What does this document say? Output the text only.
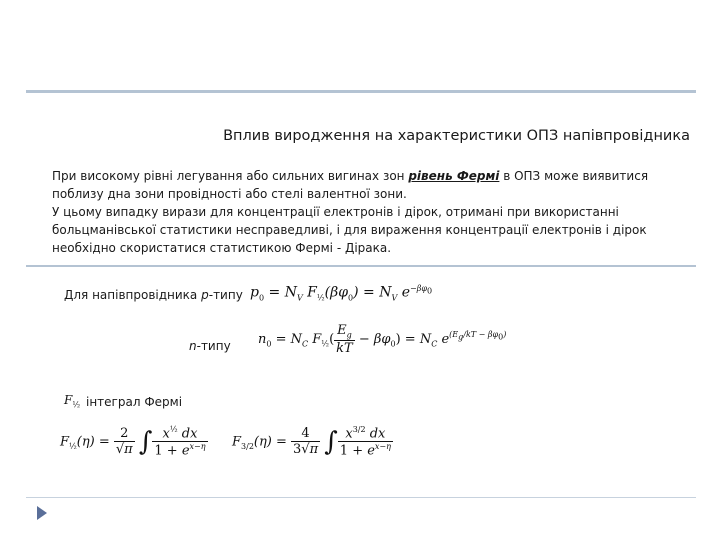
Вплив виродження на характеристики ОПЗ напівпровідника
При високому рівні легування або сильних вигинах зон рівень Фермі в ОПЗ може виявитися поблизу дна зони провідності або стелі валентної зони.
У цьому випадку вирази для концентрації електронів і дірок, отримані при використанні больцманівської статистики несправедливі, і для вираження концентрації електронів і дірок необхідно скористатися статистикою Фермі - Дірака.
Для напівпровідника p-типу $p_0 = N_V$ $F_{\frac{1}{2}}(\beta\varphi_0) = N_V$ $e^{-\beta\varphi_0}$
n-типу $n_0 = N_C$ $F_{\frac{1}{2}}( \frac{E_g}{kT} - \beta\varphi_0) = N_C$ $e^{(E_g/kT - \beta\varphi_0)}$
$F_{\frac{1}{2}}$ інтеграл Фермі
$F_{\frac{1}{2}}(\eta) = \frac{2}{√\pi}$ ∫ $\frac{x^{\frac{1}{2}} dx}{1 + e^{x-\eta}} F_{3/2}(\eta) = \frac{4}{3√\pi}$ ∫ $\frac{x^{3/2} dx}{1 + e^{x-\eta}}$
